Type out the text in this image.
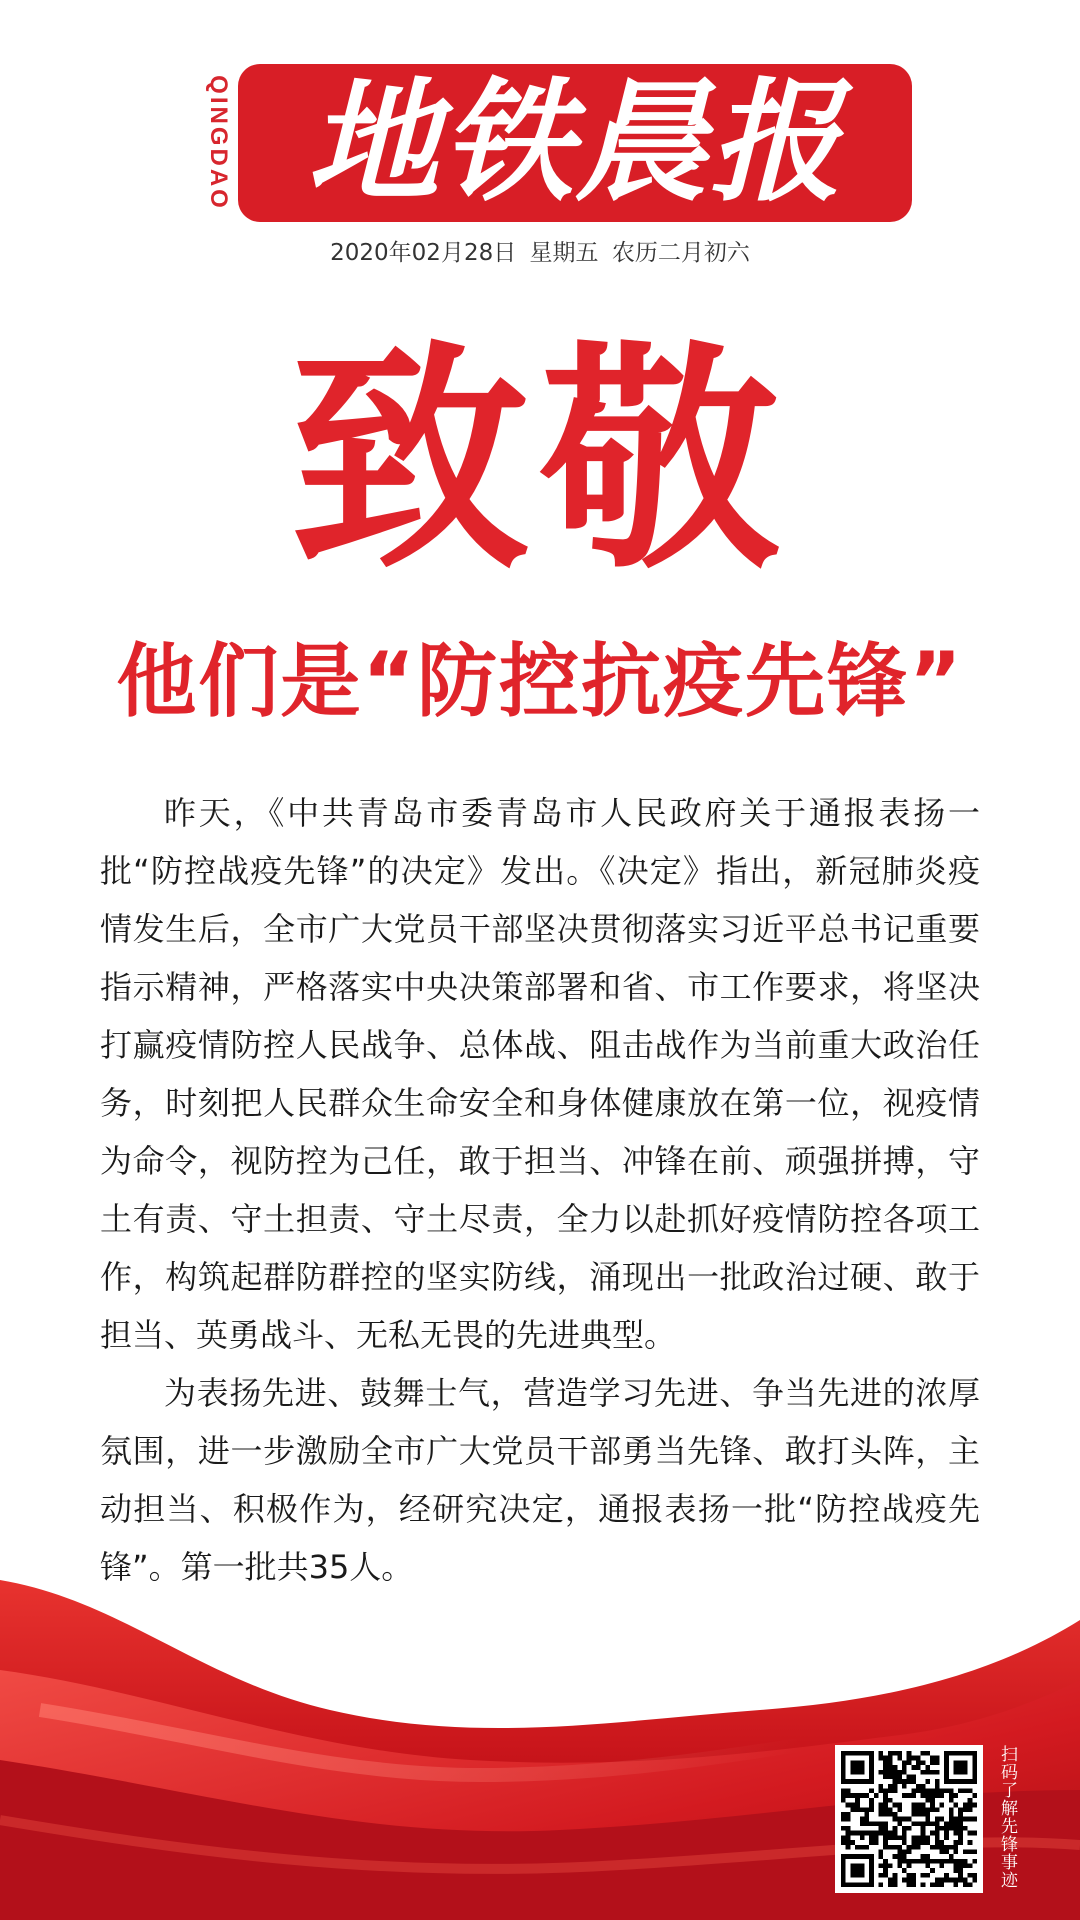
QINGDAO 地铁晨报
2020年02月28日 星期五 农历二月初六
致敬
他们是“防控抗疫先锋”

昨天，《中共青岛市委青岛市人民政府关于通报表扬一批“防控战疫先锋”的决定》发出。《决定》指出，新冠肺炎疫情发生后，全市广大党员干部坚决贯彻落实习近平总书记重要指示精神，严格落实中央决策部署和省、市工作要求，将坚决打赢疫情防控人民战争、总体战、阻击战作为当前重大政治任务，时刻把人民群众生命安全和身体健康放在第一位，视疫情为命令，视防控为己任，敢于担当、冲锋在前、顽强拼搏，守土有责、守土担责、守土尽责，全力以赴抓好疫情防控各项工作，构筑起群防群控的坚实防线，涌现出一批政治过硬、敢于担当、英勇战斗、无私无畏的先进典型。

为表扬先进、鼓舞士气，营造学习先进、争当先进的浓厚氛围，进一步激励全市广大党员干部勇当先锋、敢打头阵，主动担当、积极作为，经研究决定，通报表扬一批“防控战疫先锋”。第一批共35人。

扫码了解先锋事迹
